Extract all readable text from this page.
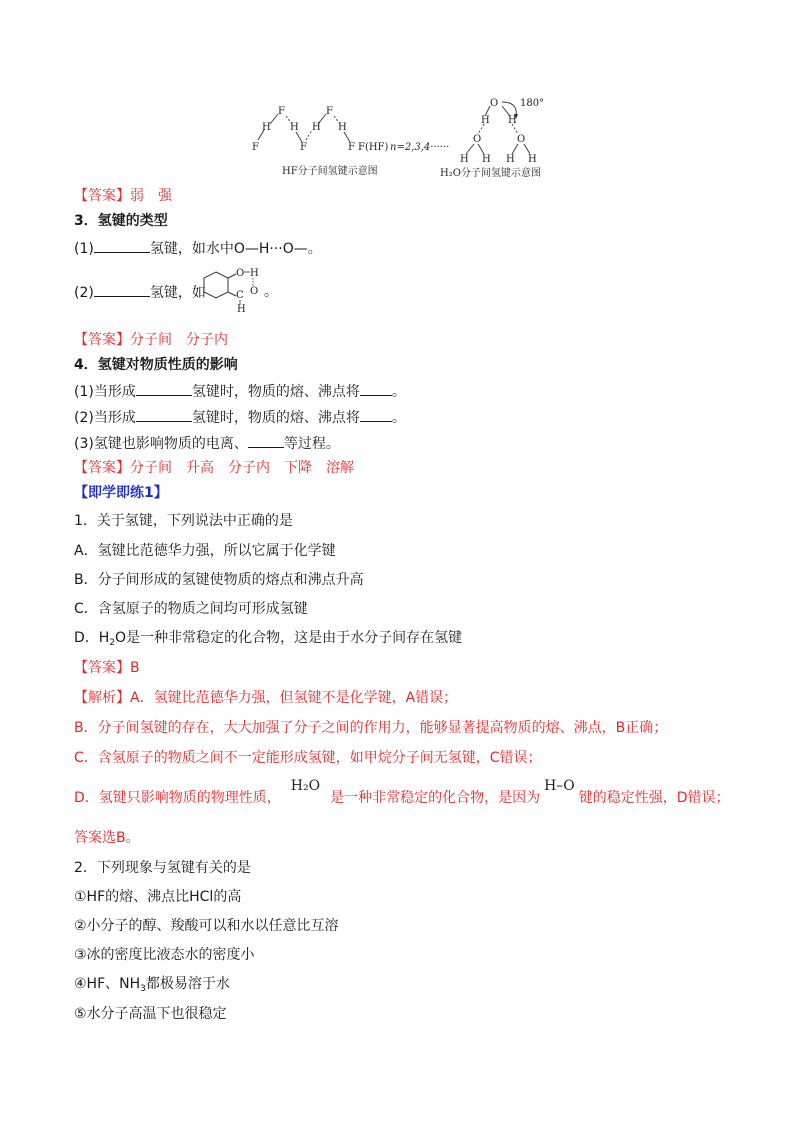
F
H
F
H
F
H
F
H
F F(HF) n=2,3,4······
HF分子间氢键示意图
O
H H
O	O
H H H H
180°
H₂O分子间氢键示意图
【答案】弱　强
3．氢键的类型
(1)	氢键，如水中O—H···O—。
(2)	氢键，如
O H
C O
H
。
【答案】分子间　分子内
4．氢键对物质性质的影响
(1)当形成	氢键时，物质的熔、沸点将 。
(2)当形成	氢键时，物质的熔、沸点将 。
(3)氢键也影响物质的电离、	等过程。
【答案】分子间　升高　分子内　下降　溶解
【即学即练1】
1．关于氢键，下列说法中正确的是
A．氢键比范德华力强，所以它属于化学键
B．分子间形成的氢键使物质的熔点和沸点升高
C．含氢原子的物质之间均可形成氢键
D．$H_2O$是一种非常稳定的化合物，这是由于水分子间存在氢键
【答案】B
【解析】A．氢键比范德华力强，但氢键不是化学键，A错误；
B．分子间氢键的存在，大大加强了分子之间的作用力，能够显著提高物质的熔、沸点，B正确；
C．含氢原子的物质之间不一定能形成氢键，如甲烷分子间无氢键，C错误；
D．氢键只影响物质的物理性质，H₂O是一种非常稳定的化合物，是因为H–O键的稳定性强，D错误；
答案选B。
2．下列现象与氢键有关的是
①HF的熔、沸点比HCl的高
②小分子的醇、羧酸可以和水以任意比互溶
③冰的密度比液态水的密度小
④HF、$NH_3$都极易溶于水
⑤水分子高温下也很稳定
